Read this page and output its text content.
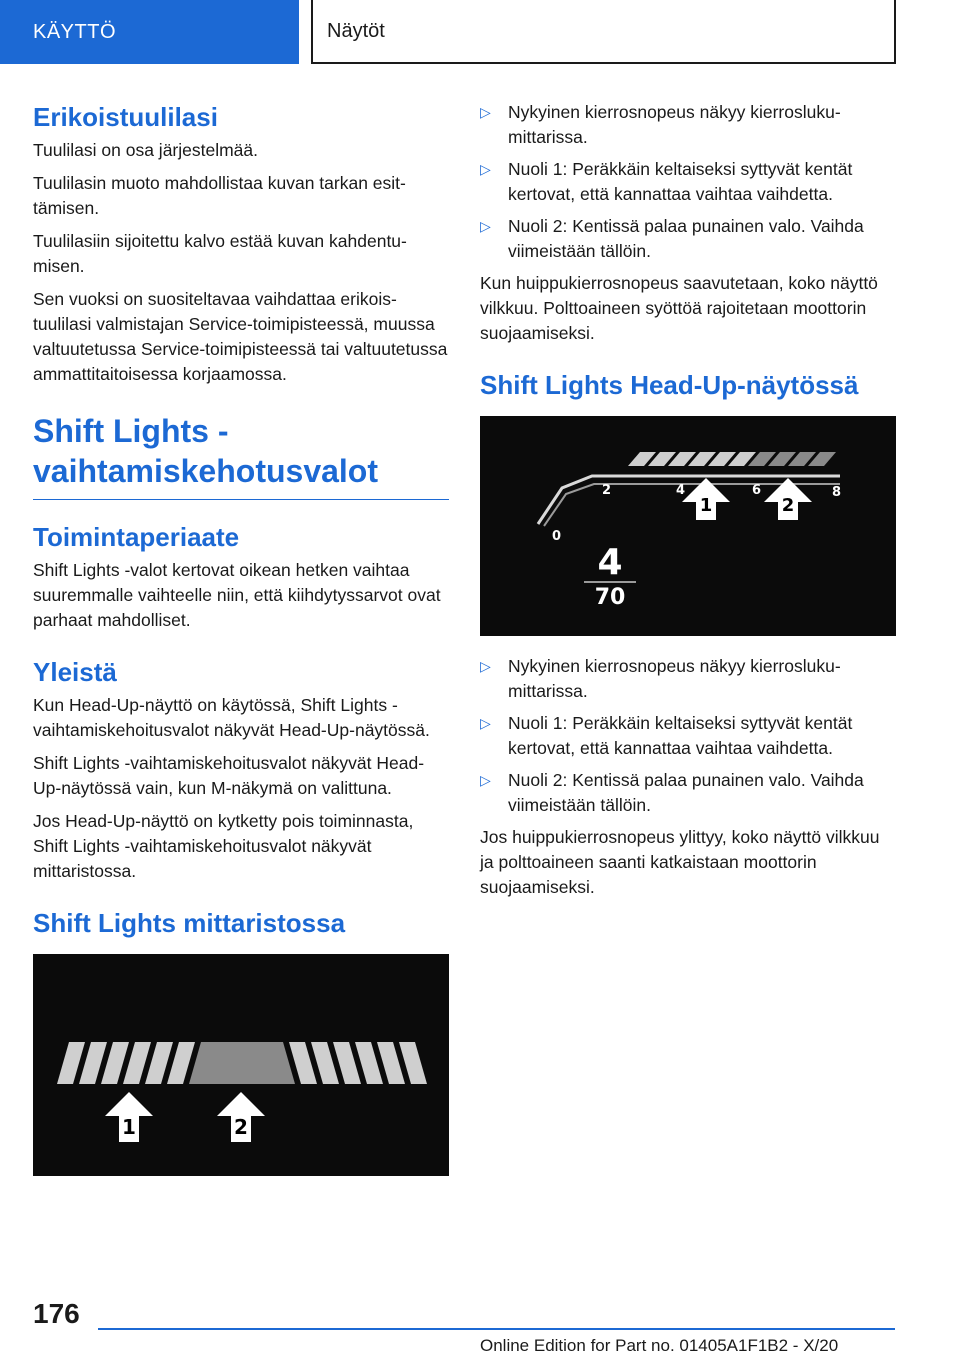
KÄYTTÖ	Näytöt
Erikoistuulilasi

Tuulilasi on osa järjestelmää.

Tuulilasin muoto mahdollistaa kuvan tarkan esittämisen.

Tuulilasiin sijoitettu kalvo estää kuvan kahdentumisen.

Sen vuoksi on suositeltavaa vaihdattaa erikoistuulilasi valmistajan Service-toimipisteessä, muussa valtuutetussa Service-toimipisteessä tai valtuutetussa ammattitaitoisessa korjaamossa.

Shift Lights -vaihtamiskehotusvalot
Toimintaperiaate

Shift Lights -valot kertovat oikean hetken vaihtaa suuremmalle vaihteelle niin, että kiihdytyssarvot ovat parhaat mahdolliset.

Yleistä

Kun Head-Up-näyttö on käytössä, Shift Lights -vaihtamiskehoitusvalot näkyvät Head-Up-näytössä.

Shift Lights -vaihtamiskehoitusvalot näkyvät Head-Up-näytössä vain, kun M-näkymä on valittuna.

Jos Head-Up-näyttö on kytketty pois toiminnasta, Shift Lights -vaihtamiskehoitusvalot näkyvät mittaristossa.

Shift Lights mittaristossa
1	2
▷ Nykyinen kierrosnopeus näkyy kierroslukumittarissa.
▷ Nuoli 1: Peräkkäin keltaiseksi syttyvät kentät kertovat, että kannattaa vaihtaa vaihdetta.
▷ Nuoli 2: Kentissä palaa punainen valo. Vaihda viimeistään tällöin.

Kun huippukierrosnopeus saavutetaan, koko näyttö vilkkuu. Polttoaineen syöttöä rajoitetaan moottorin suojaamiseksi.

Shift Lights Head-Up-näytössä
0
2	4	6	8
1	2
4
70
▷ Nykyinen kierrosnopeus näkyy kierroslukumittarissa.
▷ Nuoli 1: Peräkkäin keltaiseksi syttyvät kentät kertovat, että kannattaa vaihtaa vaihdetta.
▷ Nuoli 2: Kentissä palaa punainen valo. Vaihda viimeistään tällöin.

Jos huippukierrosnopeus ylittyy, koko näyttö vilkkuu ja polttoaineen saanti katkaistaan moottorin suojaamiseksi.

176
Online Edition for Part no. 01405A1F1B2 - X/20
